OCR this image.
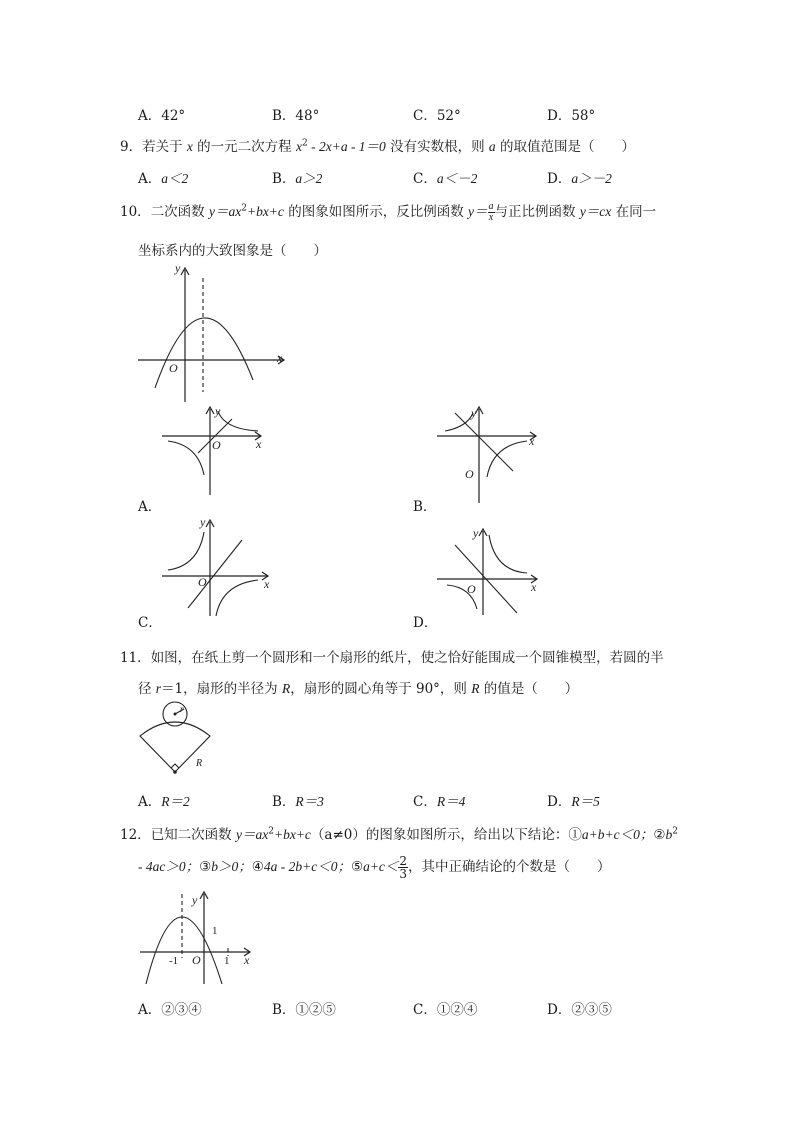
A．42°	B．48°	C．52°	D．58°
9．若关于 x 的一元二次方程 $x^2 - 2x+a - 1=0$ 没有实数根，则 a 的取值范围是（　　）
A．a＜2	B．a＞2	C．a＜－2	D．a＞－2
10．二次函数 $y=ax^2+bx+c$ 的图象如图所示，反比例函数 $y= \frac{a}{x}$ 与正比例函数 y＝cx 在同一
坐标系内的大致图象是（　　）
y
x
O
y
x
O
A．
y
x
O
B．
y
x
O
C．
y
x
O
D．
11．如图，在纸上剪一个圆形和一个扇形的纸片，使之恰好能围成一个圆锥模型，若圆的半
径 r＝1，扇形的半径为 R，扇形的圆心角等于 90°，则 R 的值是（　　）
r
R
A．R＝2	B．R＝3	C．R＝4	D．R＝5
12．已知二次函数 $y=ax^2+bx+c(a\ne 0)$的图象如图所示，给出以下结论：①a+b+c＜0；$②b^2$
- 4ac＞0；③b＞0；④4a - 2b+c＜0；⑤a+c＜ $\frac{2}{3}$ ，其中正确结论的个数是（　　）
y
1
-1 O 1 x
A．②③④	B．①②⑤	C．①②④	D．②③⑤
